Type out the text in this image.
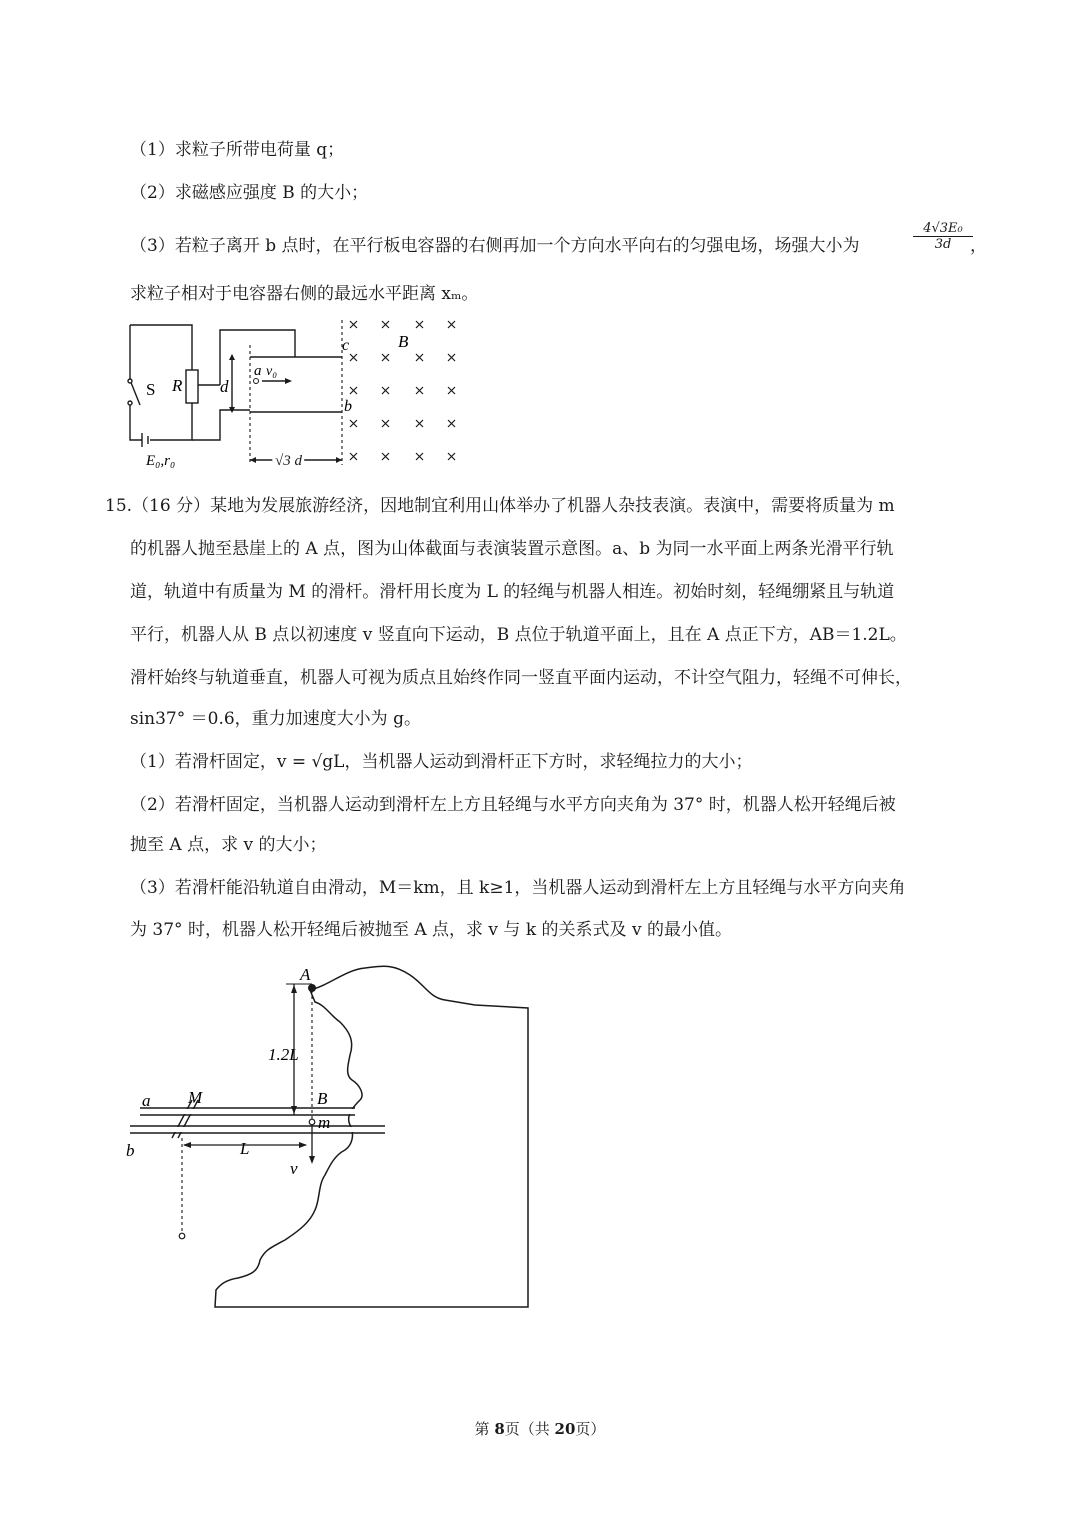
（1）求粒子所带电荷量 q；
（2）求磁感应强度 B 的大小；
（3）若粒子离开 b 点时，在平行板电容器的右侧再加一个方向水平向右的匀强电场，场强大小为	$\frac{\text{4√3E₀}}{3d}$
，
求粒子相对于电容器右侧的最远水平距离 xₘ。
S R d
E₀,r₀
a v₀
c
b
B
√3 d
15.（16 分）某地为发展旅游经济，因地制宜利用山体举办了机器人杂技表演。表演中，需要将质量为 m
的机器人抛至悬崖上的 A 点，图为山体截面与表演装置示意图。a、b 为同一水平面上两条光滑平行轨
道，轨道中有质量为 M 的滑杆。滑杆用长度为 L 的轻绳与机器人相连。初始时刻，轻绳绷紧且与轨道
平行，机器人从 B 点以初速度 v 竖直向下运动，B 点位于轨道平面上，且在 A 点正下方，AB＝1.2L。
滑杆始终与轨道垂直，机器人可视为质点且始终作同一竖直平面内运动，不计空气阻力，轻绳不可伸长，
sin37° ＝0.6，重力加速度大小为 g。
（1）若滑杆固定，v = √gL，当机器人运动到滑杆正下方时，求轻绳拉力的大小；
（2）若滑杆固定，当机器人运动到滑杆左上方且轻绳与水平方向夹角为 37° 时，机器人松开轻绳后被
抛至 A 点，求 v 的大小；
（3）若滑杆能沿轨道自由滑动，M＝km，且 k≥1，当机器人运动到滑杆左上方且轻绳与水平方向夹角
为 37° 时，机器人松开轻绳后被抛至 A 点，求 v 与 k 的关系式及 v 的最小值。
A
1.2L
a M	B
m
b	L
v
第 8页（共 20页）
